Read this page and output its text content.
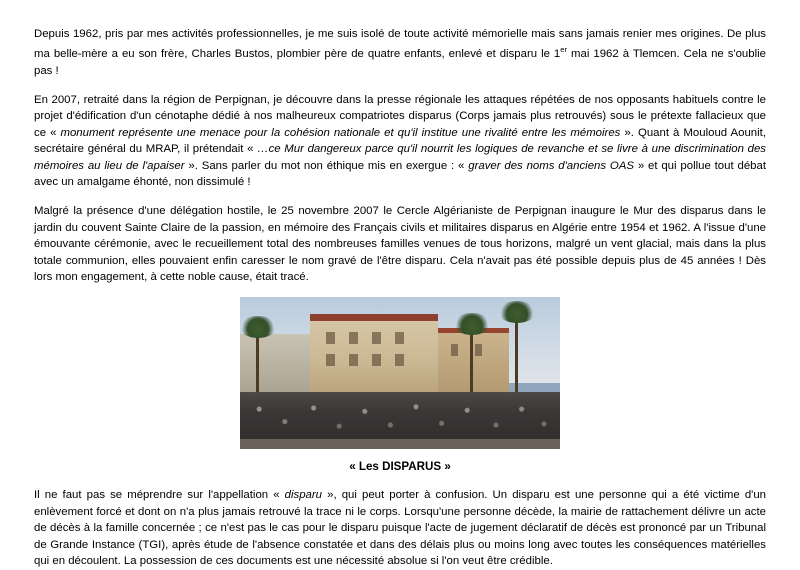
Depuis 1962, pris par mes activités professionnelles, je me suis isolé de toute activité mémorielle mais sans jamais renier mes origines. De plus ma belle-mère a eu son frère, Charles Bustos, plombier père de quatre enfants, enlevé et disparu le 1er mai 1962 à Tlemcen. Cela ne s'oublie pas !

En 2007, retraité dans la région de Perpignan, je découvre dans la presse régionale les attaques répétées de nos opposants habituels contre le projet d'édification d'un cénotaphe dédié à nos malheureux compatriotes disparus (Corps jamais plus retrouvés) sous le prétexte fallacieux que ce « monument représente une menace pour la cohésion nationale et qu'il institue une rivalité entre les mémoires ». Quant à Mouloud Aounit, secrétaire général du MRAP, il prétendait « …ce Mur dangereux parce qu'il nourrit les logiques de revanche et se livre à une discrimination des mémoires au lieu de l'apaiser ». Sans parler du mot non éthique mis en exergue : « graver des noms d'anciens OAS » et qui pollue tout débat avec un amalgame éhonté, non dissimulé !

Malgré la présence d'une délégation hostile, le 25 novembre 2007 le Cercle Algérianiste de Perpignan inaugure le Mur des disparus dans le jardin du couvent Sainte Claire de la passion, en mémoire des Français civils et militaires disparus en Algérie entre 1954 et 1962. A l'issue d'une émouvante cérémonie, avec le recueillement total des nombreuses familles venues de tous horizons, malgré un vent glacial, mais dans la plus totale communion, elles pouvaient enfin caresser le nom gravé de l'être disparu. Cela n'avait pas été possible depuis plus de 45 années ! Dès lors mon engagement, à cette noble cause, était tracé.

« Les DISPARUS »

Il ne faut pas se méprendre sur l'appellation « disparu », qui peut porter à confusion. Un disparu est une personne qui a été victime d'un enlèvement forcé et dont on n'a plus jamais retrouvé la trace ni le corps. Lorsqu'une personne décède, la mairie de rattachement délivre un acte de décès à la famille concernée ; ce n'est pas le cas pour le disparu puisque l'acte de jugement déclaratif de décès est prononcé par un Tribunal de Grande Instance (TGI), après étude de l'absence constatée et dans des délais plus ou moins long avec toutes les conséquences matérielles qui en découlent. La possession de ces documents est une nécessité absolue si l'on veut être crédible.
